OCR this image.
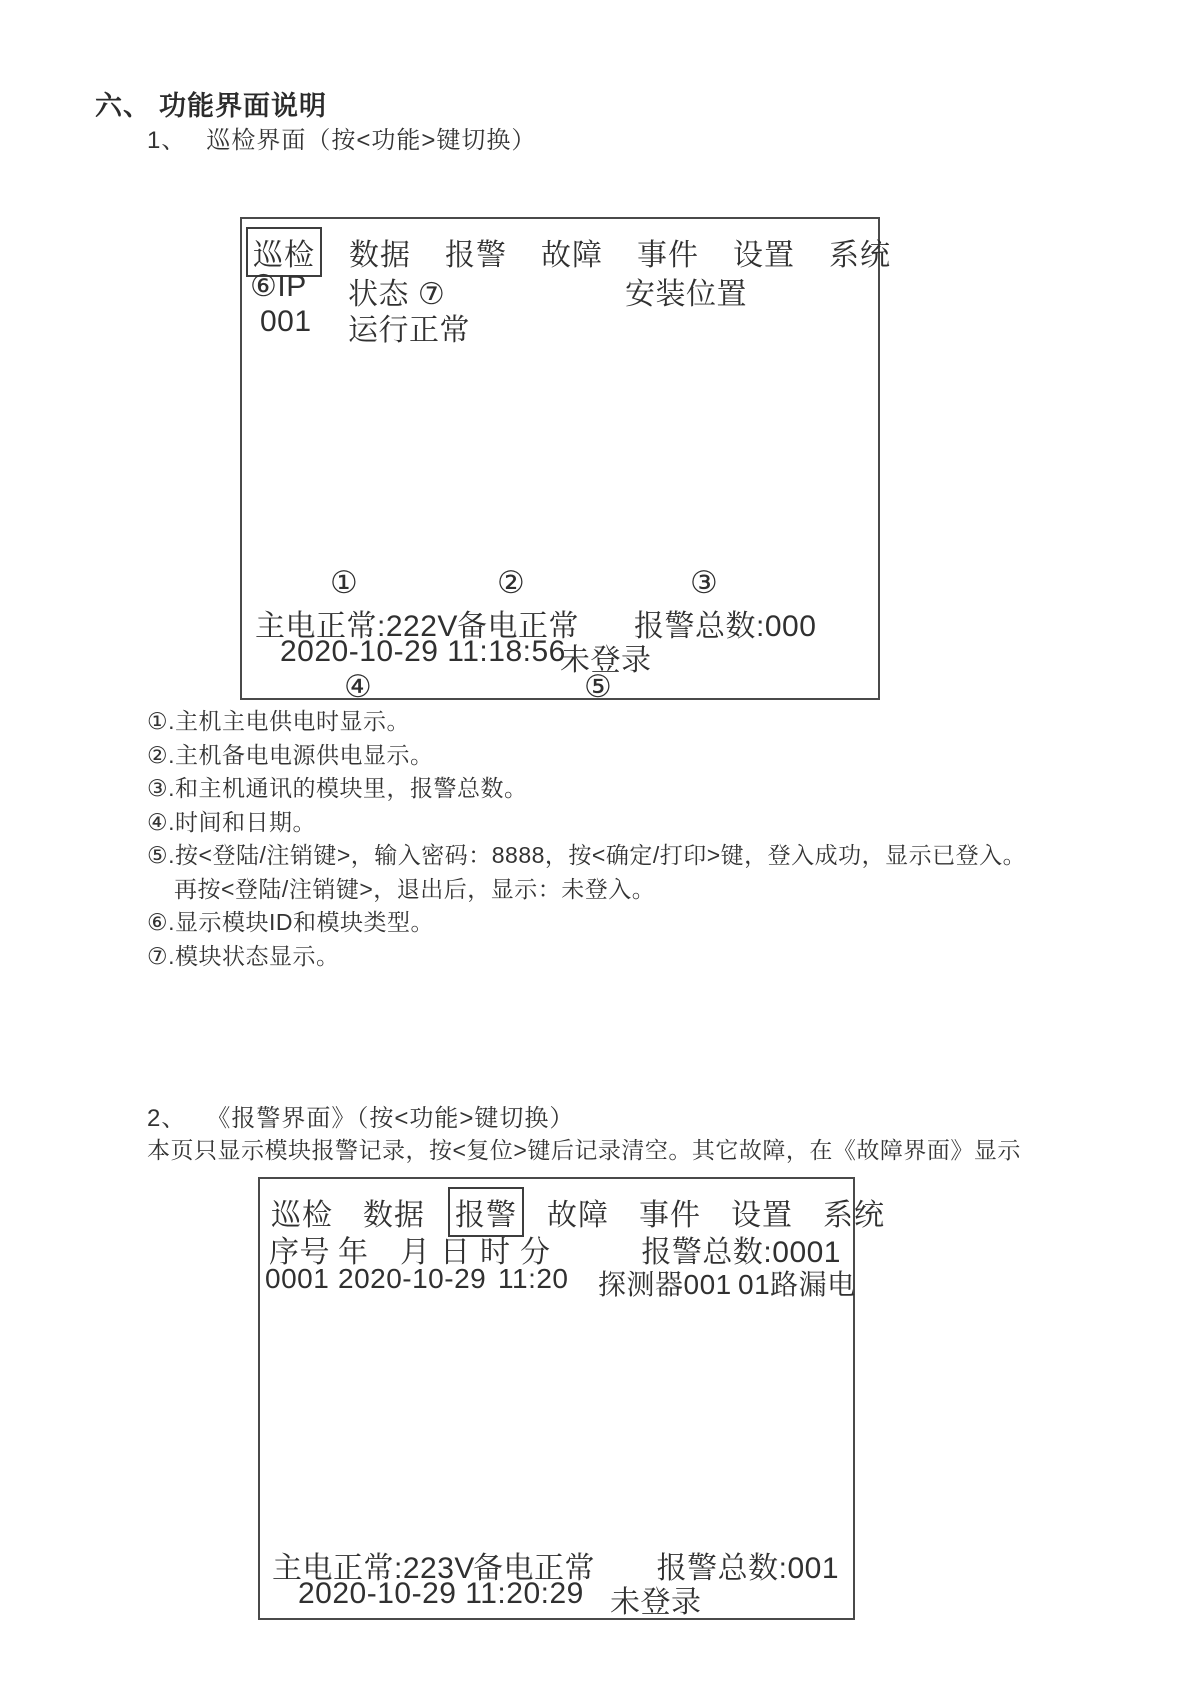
六、 功能界面说明
1、 巡检界面（按<功能>键切换）
巡检 数据 报警 故障 事件 设置 系统
⑥IP 状态 ⑦	安装位置
001 运行正常
①	②	③
主电正常:222V 备电正常 报警总数:000
2020-10-29 11:18:56
未登录
④	⑤
①.主机主电供电时显示。
②.主机备电电源供电显示。
③.和主机通讯的模块里，报警总数。
④.时间和日期。
⑤.按<登陆/注销键>，输入密码：8888，按<确定/打印>键，登入成功，显示已登入。
再按<登陆/注销键>，退出后，显示：未登入。
⑥.显示模块ID和模块类型。
⑦.模块状态显示。
2、 《报警界面》（按<功能>键切换）
本页只显示模块报警记录，按<复位>键后记录清空。其它故障，在《故障界面》显示
巡检 数据 报警 故障 事件 设置 系统
序号 年 月 日 时 分	报警总数:0001
0001 2020-10-29 11:20 探测器001 01路漏电
主电正常:223V
备电正常 报警总数:001
2020-10-29 11:20:29 未登录
